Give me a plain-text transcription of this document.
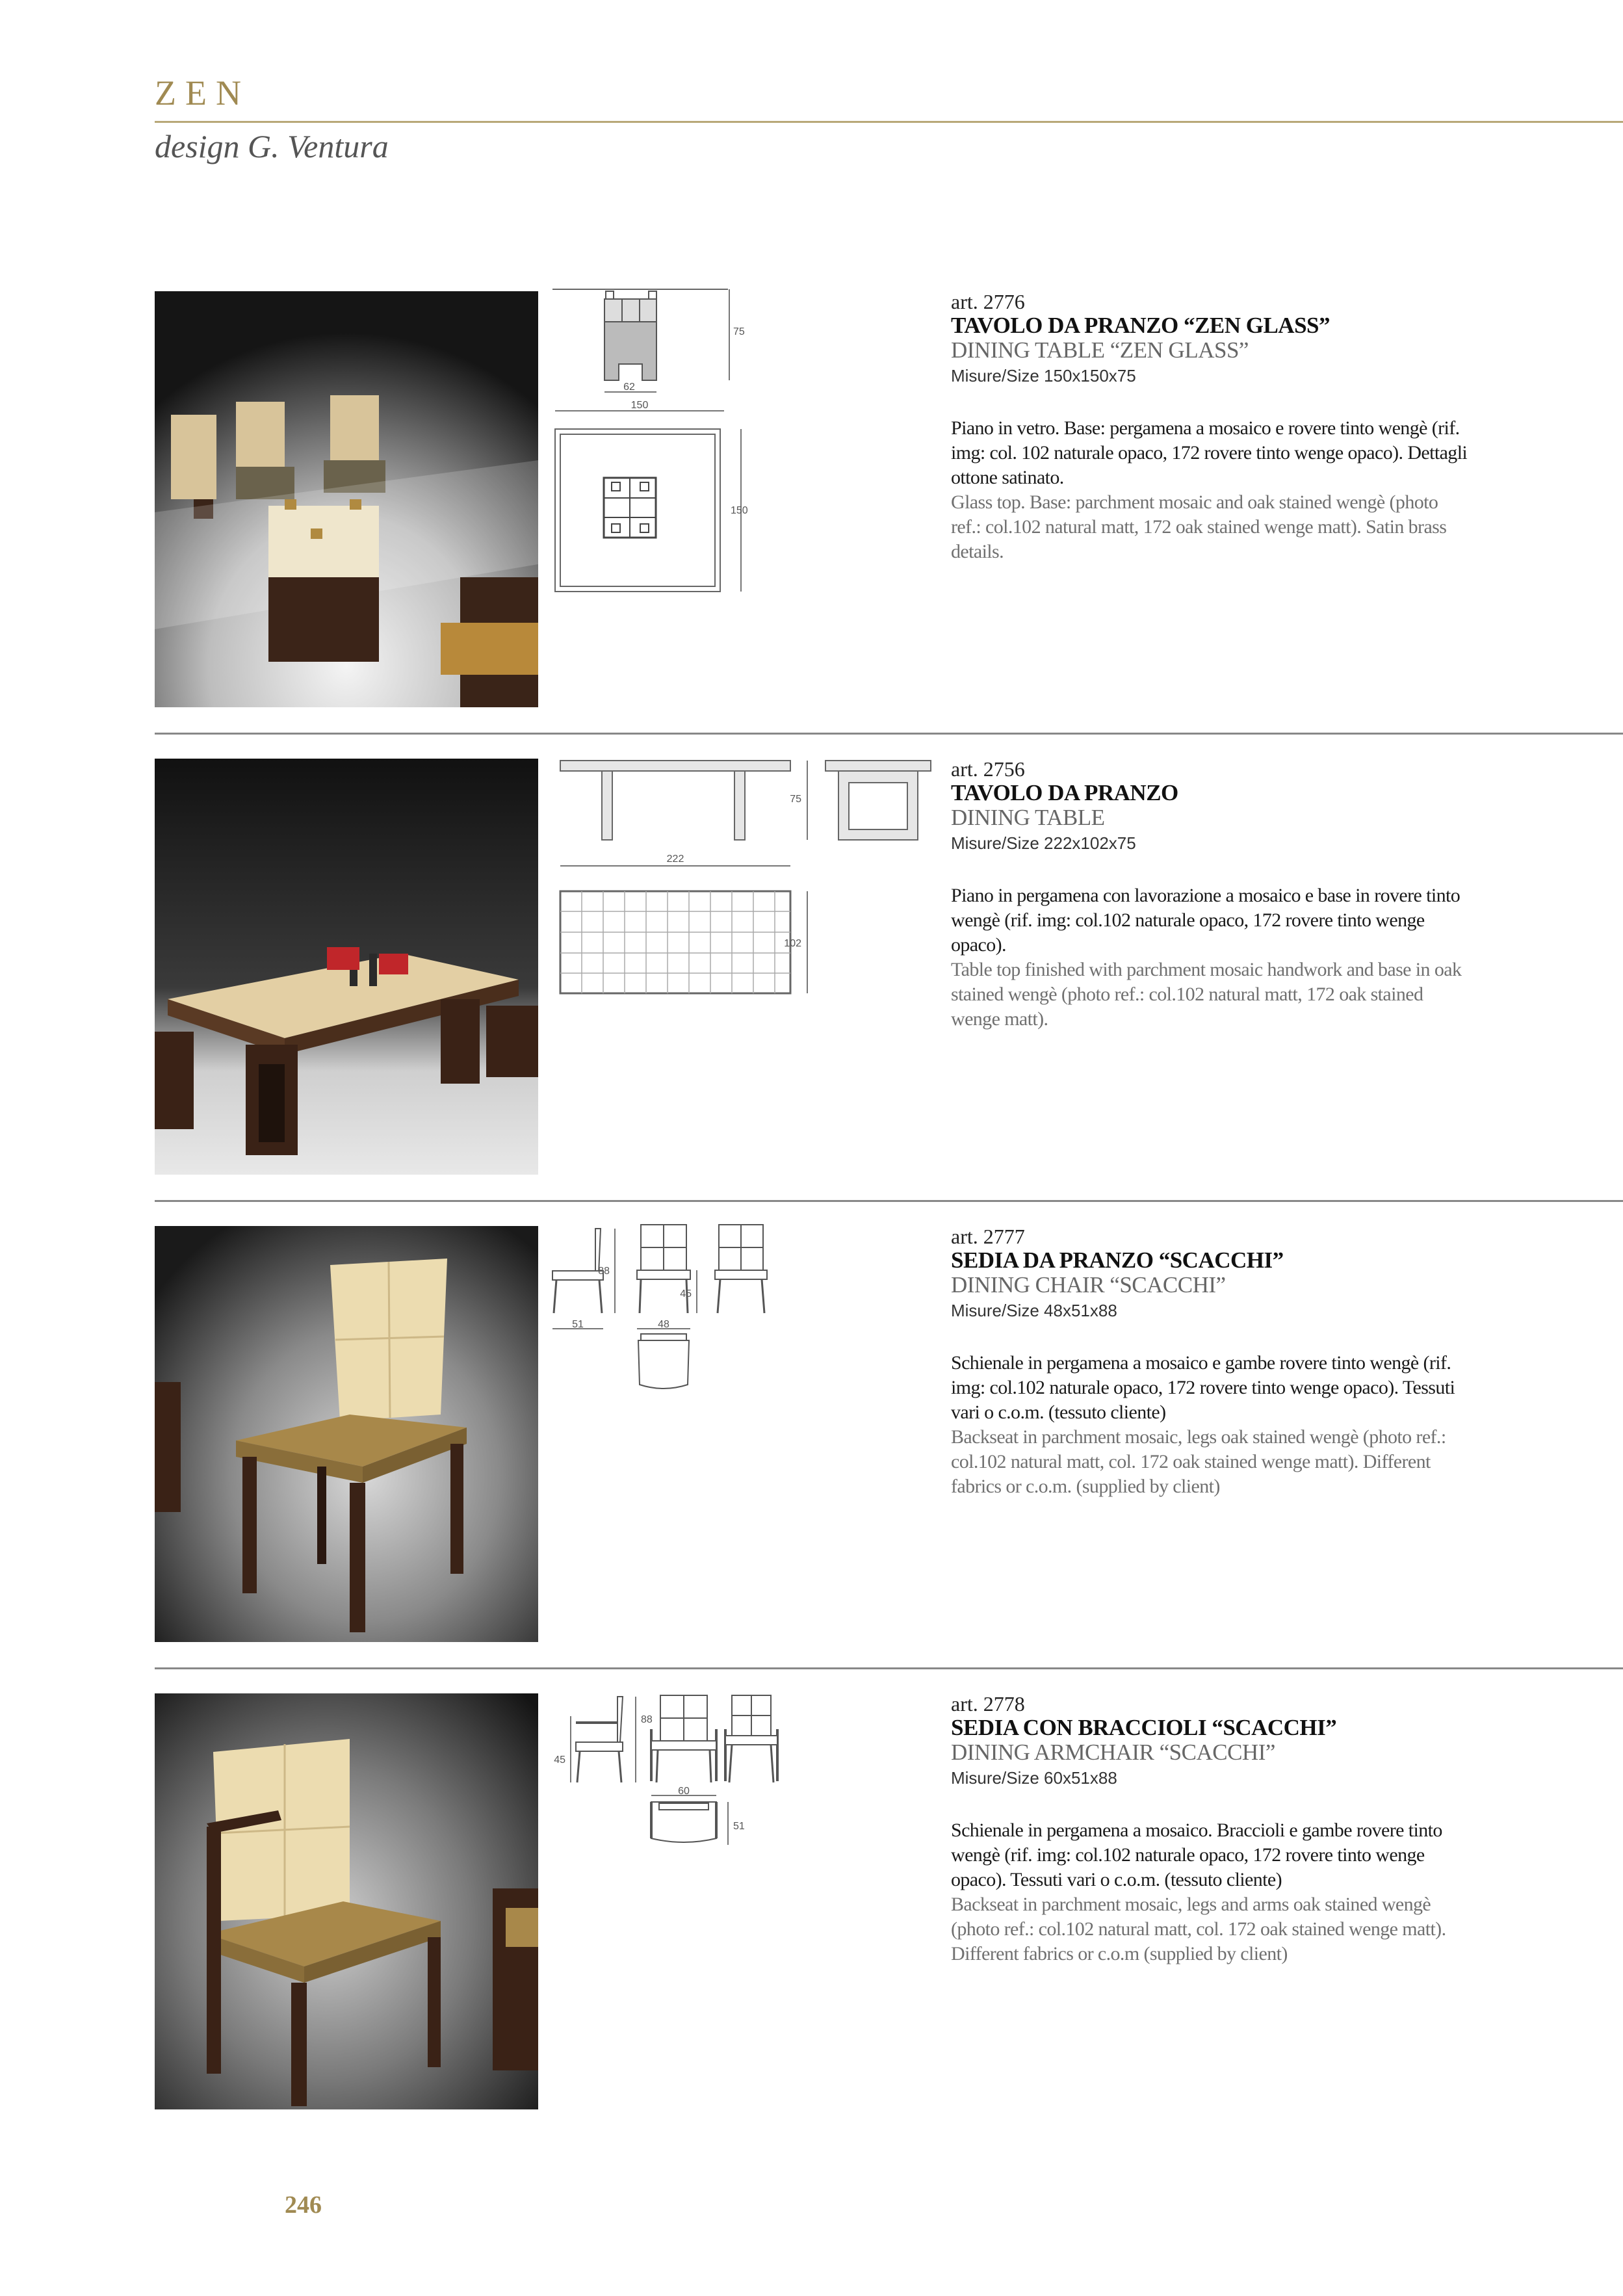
ZEN
design G. Ventura
75
62
150
150
art. 2776
TAVOLO DA PRANZO “ZEN GLASS”
DINING TABLE “ZEN GLASS”
Misure/Size 150x150x75
Piano in vetro. Base: pergamena a mosaico e rovere tinto wengè (rif. img: col. 102 naturale opaco, 172 rovere tinto wenge opaco). Dettagli ottone satinato.
Glass top. Base: parchment mosaic and oak stained wengè (photo ref.: col.102 natural matt, 172 oak stained wenge matt). Satin brass details.
75
222
102
art. 2756
TAVOLO DA PRANZO
DINING TABLE
Misure/Size 222x102x75
Piano in pergamena con lavorazione a mosaico e base in rovere tinto wengè (rif. img: col.102 naturale opaco, 172 rovere tinto wenge opaco).
Table top finished with parchment mosaic handwork and base in oak stained wengè (photo ref.: col.102 natural matt, 172 oak stained wenge matt).
88
45
51	48
art. 2777
SEDIA DA PRANZO “SCACCHI”
DINING CHAIR “SCACCHI”
Misure/Size 48x51x88
Schienale in pergamena a mosaico e gambe rovere tinto wengè (rif. img: col.102 naturale opaco, 172 rovere tinto wenge opaco). Tessuti vari o c.o.m. (tessuto cliente)
Backseat in parchment mosaic, legs oak stained wengè (photo ref.: col.102 natural matt, col. 172 oak stained wenge matt). Different fabrics or c.o.m. (supplied by client)
45
88
60
51
art. 2778
SEDIA CON BRACCIOLI “SCACCHI”
DINING ARMCHAIR “SCACCHI”
Misure/Size 60x51x88
Schienale in pergamena a mosaico. Braccioli e gambe rovere tinto wengè (rif. img: col.102 naturale opaco, 172 rovere tinto wenge opaco). Tessuti vari o c.o.m. (tessuto cliente)
Backseat in parchment mosaic, legs and arms oak stained wengè (photo ref.: col.102 natural matt, col. 172 oak stained wenge matt). Different fabrics or c.o.m (supplied by client)
246
